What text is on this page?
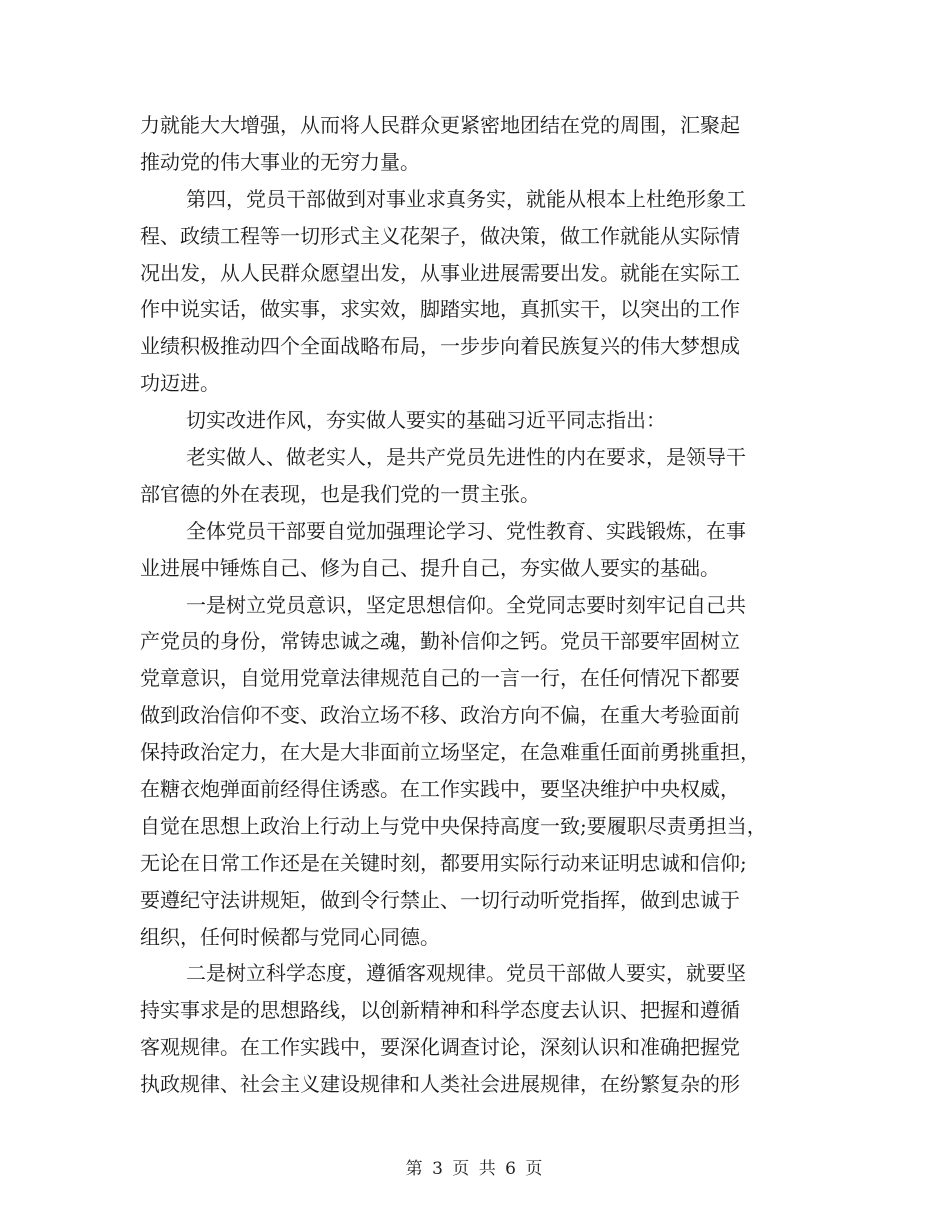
力就能大大增强，从而将人民群众更紧密地团结在党的周围，汇聚起
推动党的伟大事业的无穷力量。
第四，党员干部做到对事业求真务实，就能从根本上杜绝形象工
程、政绩工程等一切形式主义花架子，做决策，做工作就能从实际情
况出发，从人民群众愿望出发，从事业进展需要出发。就能在实际工
作中说实话，做实事，求实效，脚踏实地，真抓实干，以突出的工作
业绩积极推动四个全面战略布局，一步步向着民族复兴的伟大梦想成
功迈进。
切实改进作风，夯实做人要实的基础习近平同志指出：
老实做人、做老实人，是共产党员先进性的内在要求，是领导干
部官德的外在表现，也是我们党的一贯主张。
全体党员干部要自觉加强理论学习、党性教育、实践锻炼，在事
业进展中锤炼自己、修为自己、提升自己，夯实做人要实的基础。
一是树立党员意识，坚定思想信仰。全党同志要时刻牢记自己共
产党员的身份，常铸忠诚之魂，勤补信仰之钙。党员干部要牢固树立
党章意识，自觉用党章法律规范自己的一言一行，在任何情况下都要
做到政治信仰不变、政治立场不移、政治方向不偏，在重大考验面前
保持政治定力，在大是大非面前立场坚定，在急难重任面前勇挑重担，
在糖衣炮弹面前经得住诱惑。在工作实践中，要坚决维护中央权威，
自觉在思想上政治上行动上与党中央保持高度一致;要履职尽责勇担当，
无论在日常工作还是在关键时刻，都要用实际行动来证明忠诚和信仰;
要遵纪守法讲规矩，做到令行禁止、一切行动听党指挥，做到忠诚于
组织，任何时候都与党同心同德。
二是树立科学态度，遵循客观规律。党员干部做人要实，就要坚
持实事求是的思想路线，以创新精神和科学态度去认识、把握和遵循
客观规律。在工作实践中，要深化调查讨论，深刻认识和准确把握党
执政规律、社会主义建设规律和人类社会进展规律，在纷繁复杂的形
第 3 页 共 6 页
